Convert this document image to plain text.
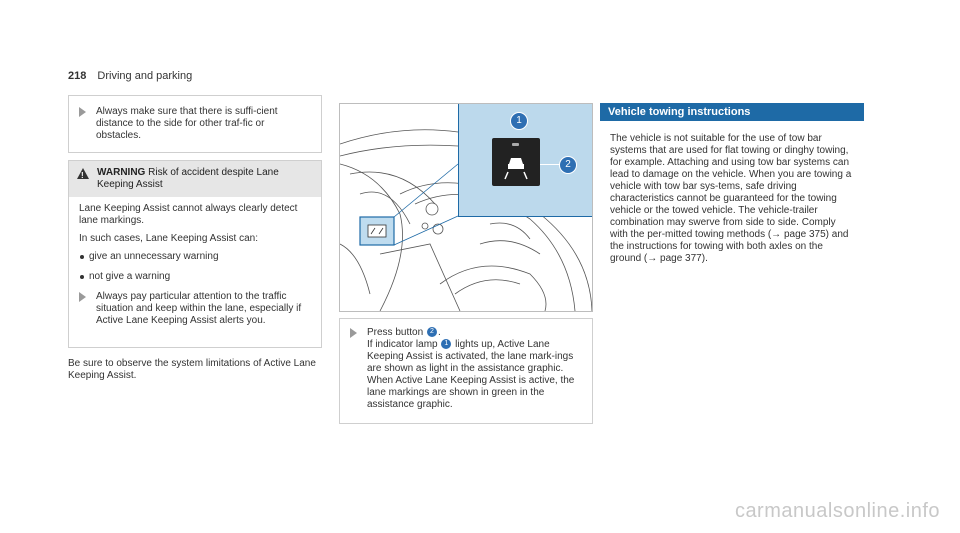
218 Driving and parking
Always make sure that there is suffi-cient distance to the side for other traf-fic or obstacles.
!
WARNING Risk of accident despite Lane Keeping Assist

Lane Keeping Assist cannot always clearly detect lane markings.

In such cases, Lane Keeping Assist can:

give an unnecessary warning
not give a warning
Always pay particular attention to the traffic situation and keep within the lane, especially if Active Lane Keeping Assist alerts you.
Be sure to observe the system limitations of Active Lane Keeping Assist.
1
2
Press button 2 .
If indicator lamp 1 lights up, Active Lane Keeping Assist is activated, the lane mark-ings are shown as light in the assistance graphic. When Active Lane Keeping Assist is active, the lane markings are shown in green in the assistance graphic.
Vehicle towing instructions
The vehicle is not suitable for the use of tow bar systems that are used for flat towing or dinghy towing, for example. Attaching and using tow bar systems can lead to damage on the vehicle. When you are towing a vehicle with tow bar sys-tems, safe driving characteristics cannot be guaranteed for the towing vehicle or the towed vehicle. The vehicle-trailer combination may swerve from side to side. Comply with the per-mitted towing methods (→ page 375) and the instructions for towing with both axles on the ground (→ page 377).
carmanualsonline.info
